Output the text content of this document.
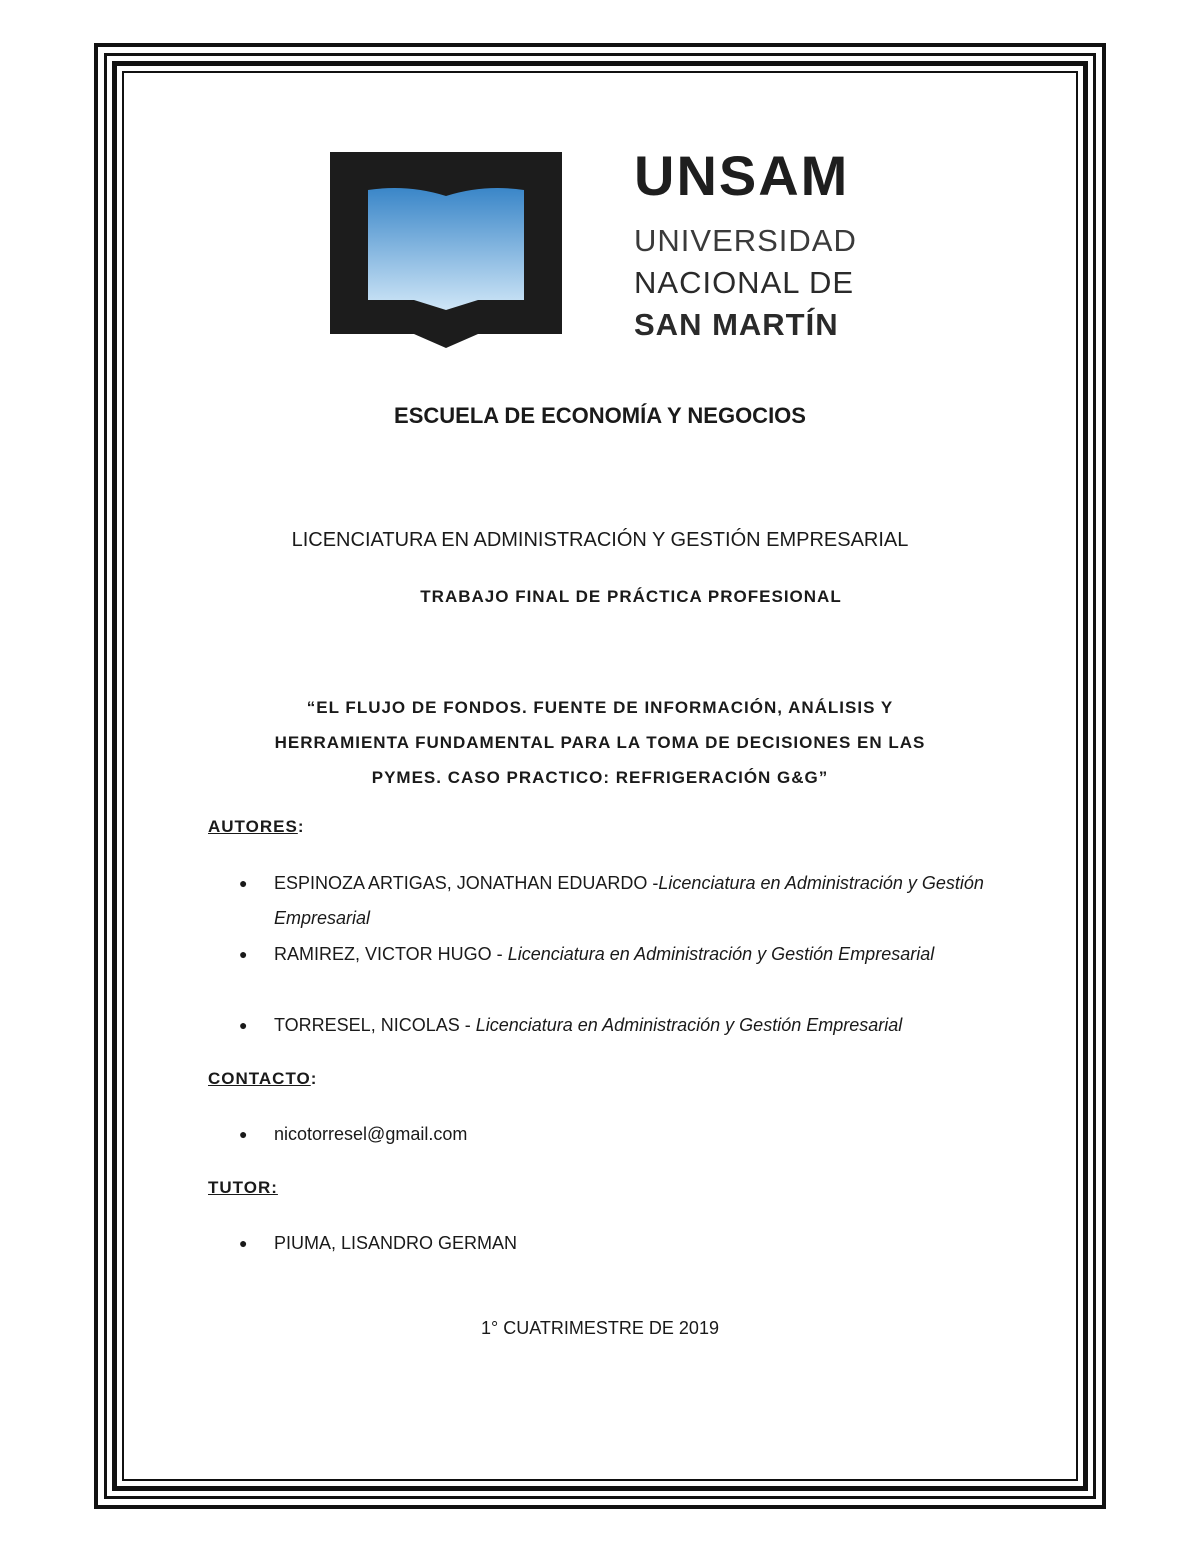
UNSAM
UNIVERSIDAD
NACIONAL DE
SAN MARTÍN
ESCUELA DE ECONOMÍA Y NEGOCIOS
LICENCIATURA EN ADMINISTRACIÓN Y GESTIÓN EMPRESARIAL
TRABAJO FINAL DE PRÁCTICA PROFESIONAL
“EL FLUJO DE FONDOS. FUENTE DE INFORMACIÓN, ANÁLISIS Y
HERRAMIENTA FUNDAMENTAL PARA LA TOMA DE DECISIONES EN LAS
PYMES. CASO PRACTICO: REFRIGERACIÓN G&G”
AUTORES:
● ESPINOZA ARTIGAS, JONATHAN EDUARDO -Licenciatura en Administración y Gestión Empresarial
● RAMIREZ, VICTOR HUGO - Licenciatura en Administración y Gestión Empresarial
● TORRESEL, NICOLAS - Licenciatura en Administración y Gestión Empresarial
CONTACTO:
● nicotorresel@gmail.com
TUTOR:
● PIUMA, LISANDRO GERMAN
1° CUATRIMESTRE DE 2019
